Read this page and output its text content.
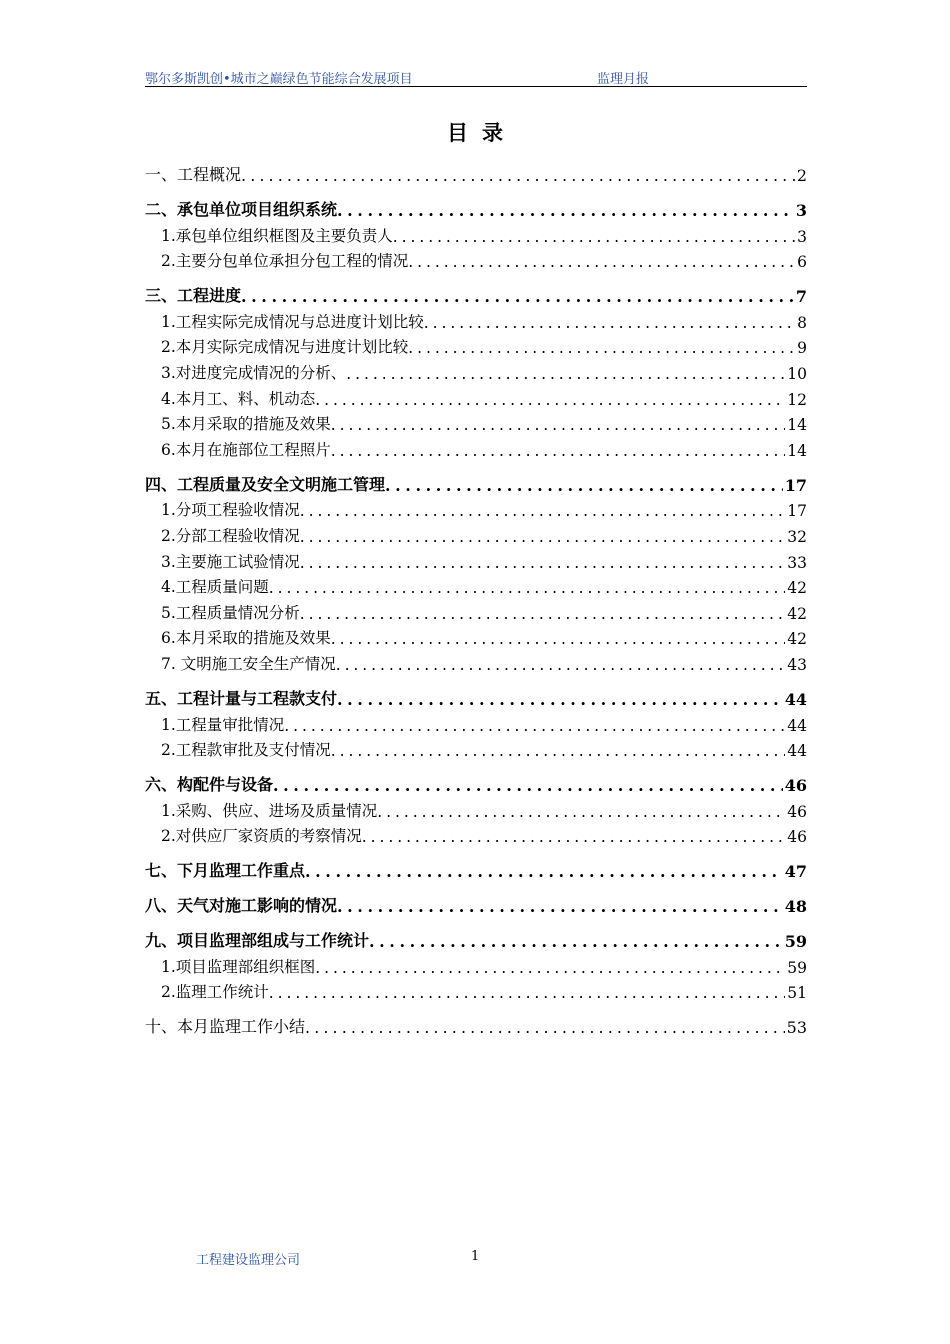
鄂尔多斯凯创•城市之巅绿色节能综合发展项目	监理月报
目录
一、工程概况 . . .	2
二、承包单位项目组织系统 . . .	3
1.承包单位组织框图及主要负责人 . . .	3
2.主要分包单位承担分包工程的情况 . . .	6
三、工程进度 . . .	7
1.工程实际完成情况与总进度计划比较 . . .	8
2.本月实际完成情况与进度计划比较 . . .	9
3.对进度完成情况的分析、 . . .	10
4.本月工、料、机动态 . . .	12
5.本月采取的措施及效果 . . .	14
6.本月在施部位工程照片 . . .	14
四、工程质量及安全文明施工管理 . . .	17
1.分项工程验收情况 . . .	17
2.分部工程验收情况 . . .	32
3.主要施工试验情况 . . .	33
4.工程质量问题 . . .	42
5.工程质量情况分析 . . .	42
6.本月采取的措施及效果 . . .	42
7. 文明施工安全生产情况 . . .	43
五、工程计量与工程款支付 . . .	44
1.工程量审批情况 . . .	44
2.工程款审批及支付情况 . . .	44
六、构配件与设备 . . .	46
1.采购、供应、进场及质量情况 . . .	46
2.对供应厂家资质的考察情况 . . .	46
七、下月监理工作重点 . . .	47
八、天气对施工影响的情况 . . .	48
九、项目监理部组成与工作统计 . . .	59
1.项目监理部组织框图 . . .	59
2.监理工作统计 . . .	51
十、本月监理工作小结 . . .	53
工程建设监理公司	1
